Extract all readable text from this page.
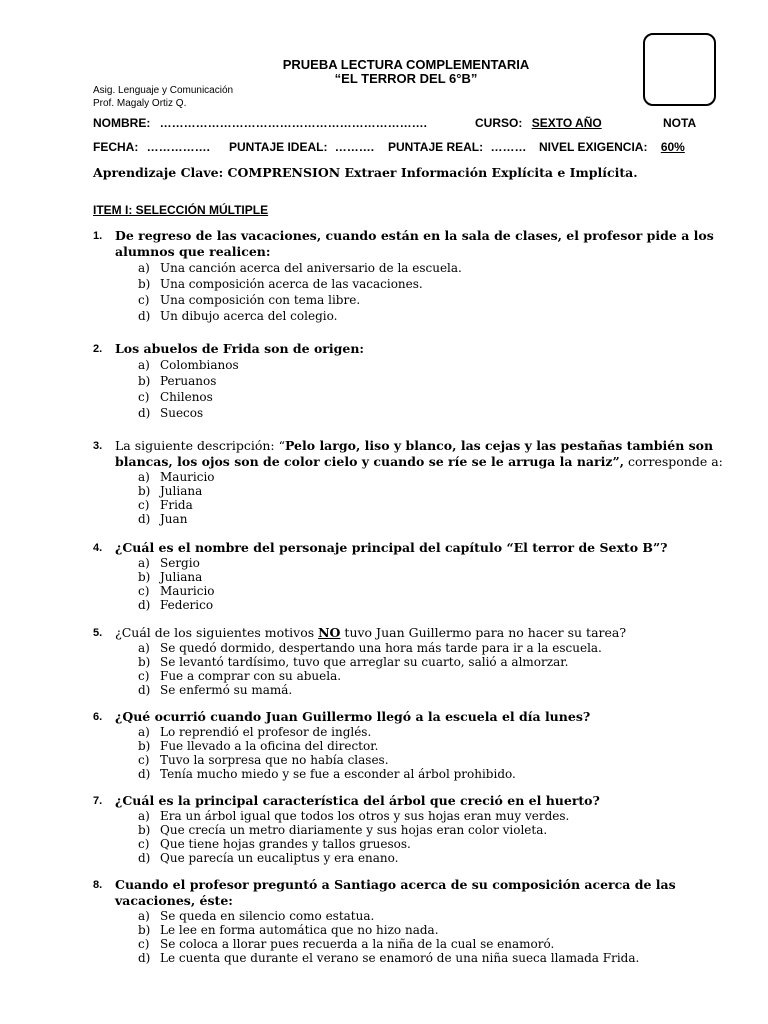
PRUEBA LECTURA COMPLEMENTARIA
“EL TERROR DEL 6°B”
Asig. Lenguaje y Comunicación
Prof. Magaly Ortiz Q.
NOMBRE: ………………………………………………………….	CURSO: SEXTO AÑO	NOTA
FECHA: ……………. PUNTAJE IDEAL: ………. PUNTAJE REAL: ……… NIVEL EXIGENCIA: 60%
Aprendizaje Clave: COMPRENSION Extraer Información Explícita e Implícita.
ITEM I: SELECCIÓN MÚLTIPLE
1. De regreso de las vacaciones, cuando están en la sala de clases, el profesor pide a los alumnos que realicen:
a) Una canción acerca del aniversario de la escuela.
b) Una composición acerca de las vacaciones.
c) Una composición con tema libre.
d) Un dibujo acerca del colegio.
2. Los abuelos de Frida son de origen:
a) Colombianos
b) Peruanos
c) Chilenos
d) Suecos
3. La siguiente descripción: “Pelo largo, liso y blanco, las cejas y las pestañas también son blancas, los ojos son de color cielo y cuando se ríe se le arruga la nariz”, corresponde a:
a) Mauricio
b) Juliana
c) Frida
d) Juan
4. ¿Cuál es el nombre del personaje principal del capítulo “El terror de Sexto B”?
a) Sergio
b) Juliana
c) Mauricio
d) Federico
5. ¿Cuál de los siguientes motivos NO tuvo Juan Guillermo para no hacer su tarea?
a) Se quedó dormido, despertando una hora más tarde para ir a la escuela.
b) Se levantó tardísimo, tuvo que arreglar su cuarto, salió a almorzar.
c) Fue a comprar con su abuela.
d) Se enfermó su mamá.
6. ¿Qué ocurrió cuando Juan Guillermo llegó a la escuela el día lunes?
a) Lo reprendió el profesor de inglés.
b) Fue llevado a la oficina del director.
c) Tuvo la sorpresa que no había clases.
d) Tenía mucho miedo y se fue a esconder al árbol prohibido.
7. ¿Cuál es la principal característica del árbol que creció en el huerto?
a) Era un árbol igual que todos los otros y sus hojas eran muy verdes.
b) Que crecía un metro diariamente y sus hojas eran color violeta.
c) Que tiene hojas grandes y tallos gruesos.
d) Que parecía un eucaliptus y era enano.
8. Cuando el profesor preguntó a Santiago acerca de su composición acerca de las vacaciones, éste:
a) Se queda en silencio como estatua.
b) Le lee en forma automática que no hizo nada.
c) Se coloca a llorar pues recuerda a la niña de la cual se enamoró.
d) Le cuenta que durante el verano se enamoró de una niña sueca llamada Frida.
